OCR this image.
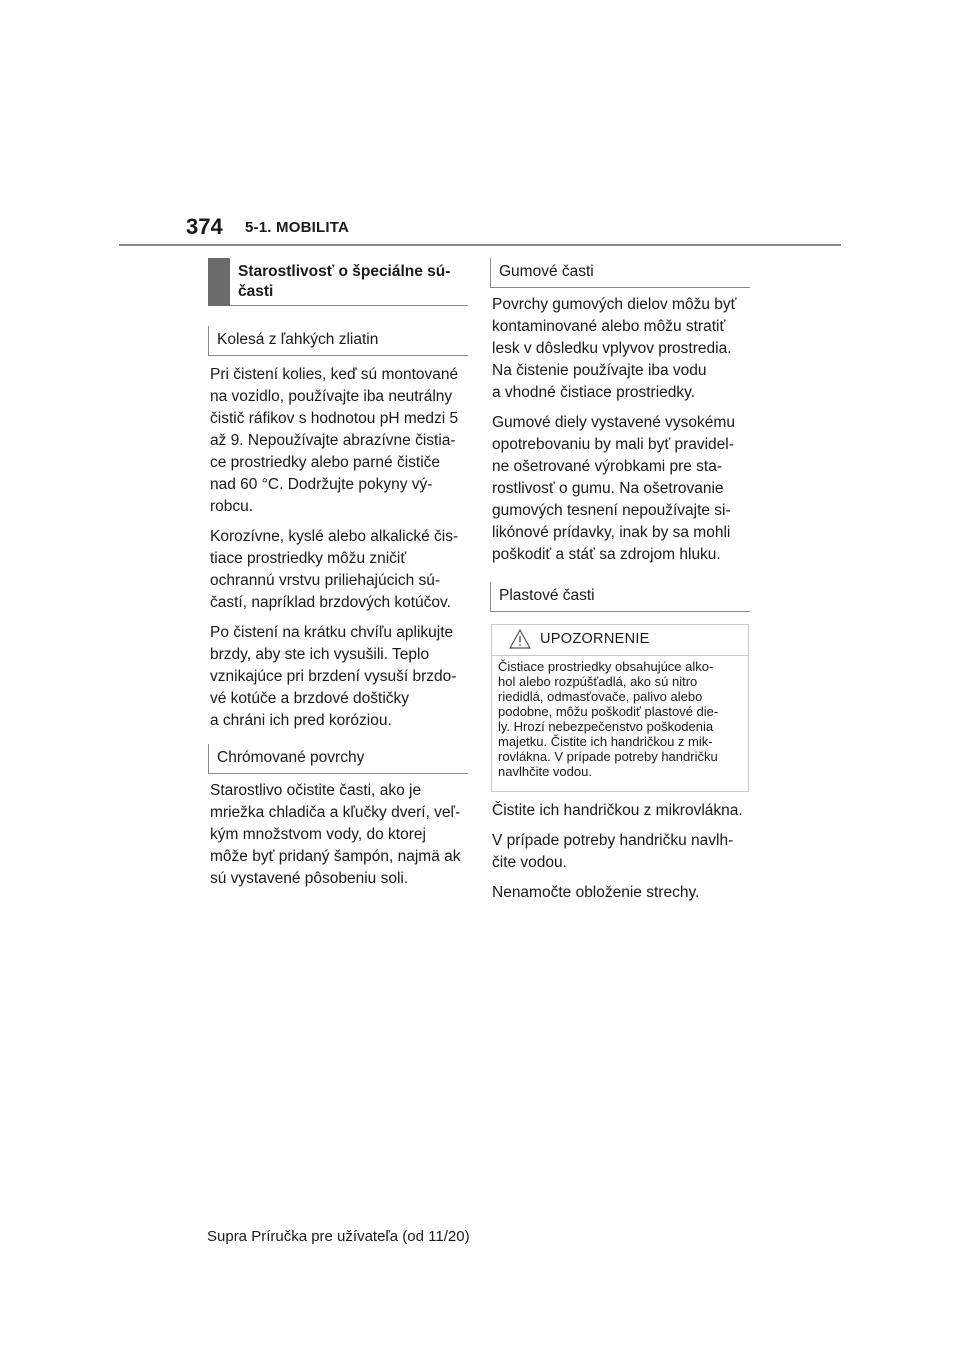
374 5-1. MOBILITA
Starostlivosť o špeciálne sú-
časti
Kolesá z ľahkých zliatin

Pri čistení kolies, keď sú montované
na vozidlo, používajte iba neutrálny
čistič ráfikov s hodnotou pH medzi 5
až 9. Nepoužívajte abrazívne čistia-
ce prostriedky alebo parné čističe
nad 60 °C. Dodržujte pokyny vý-
robcu.

Korozívne, kyslé alebo alkalické čis-
tiace prostriedky môžu zničiť
ochrannú vrstvu priliehajúcich sú-
častí, napríklad brzdových kotúčov.

Po čistení na krátku chvíľu aplikujte
brzdy, aby ste ich vysušili. Teplo
vznikajúce pri brzdení vysuší brzdo-
vé kotúče a brzdové doštičky
a chráni ich pred koróziou.

Chrómované povrchy

Starostlivo očistite časti, ako je
mriežka chladiča a kľučky dverí, veľ-
kým množstvom vody, do ktorej
môže byť pridaný šampón, najmä ak
sú vystavené pôsobeniu soli.

Gumové časti

Povrchy gumových dielov môžu byť
kontaminované alebo môžu stratiť
lesk v dôsledku vplyvov prostredia.
Na čistenie používajte iba vodu
a vhodné čistiace prostriedky.

Gumové diely vystavené vysokému
opotrebovaniu by mali byť pravidel-
ne ošetrované výrobkami pre sta-
rostlivosť o gumu. Na ošetrovanie
gumových tesnení nepoužívajte si-
likónové prídavky, inak by sa mohli
poškodiť a stáť sa zdrojom hluku.

Plastové časti
UPOZORNENIE
Čistiace prostriedky obsahujúce alko-
hol alebo rozpúšťadlá, ako sú nitro
riedidlá, odmasťovače, palivo alebo
podobne, môžu poškodiť plastové die-
ly. Hrozí nebezpečenstvo poškodenia
majetku. Čistite ich handričkou z mik-
rovlákna. V prípade potreby handričku
navlhčite vodou.

Čistite ich handričkou z mikrovlákna.

V prípade potreby handričku navlh-
čite vodou.

Nenamočte obloženie strechy.

Supra Príručka pre užívateľa (od 11/20)
